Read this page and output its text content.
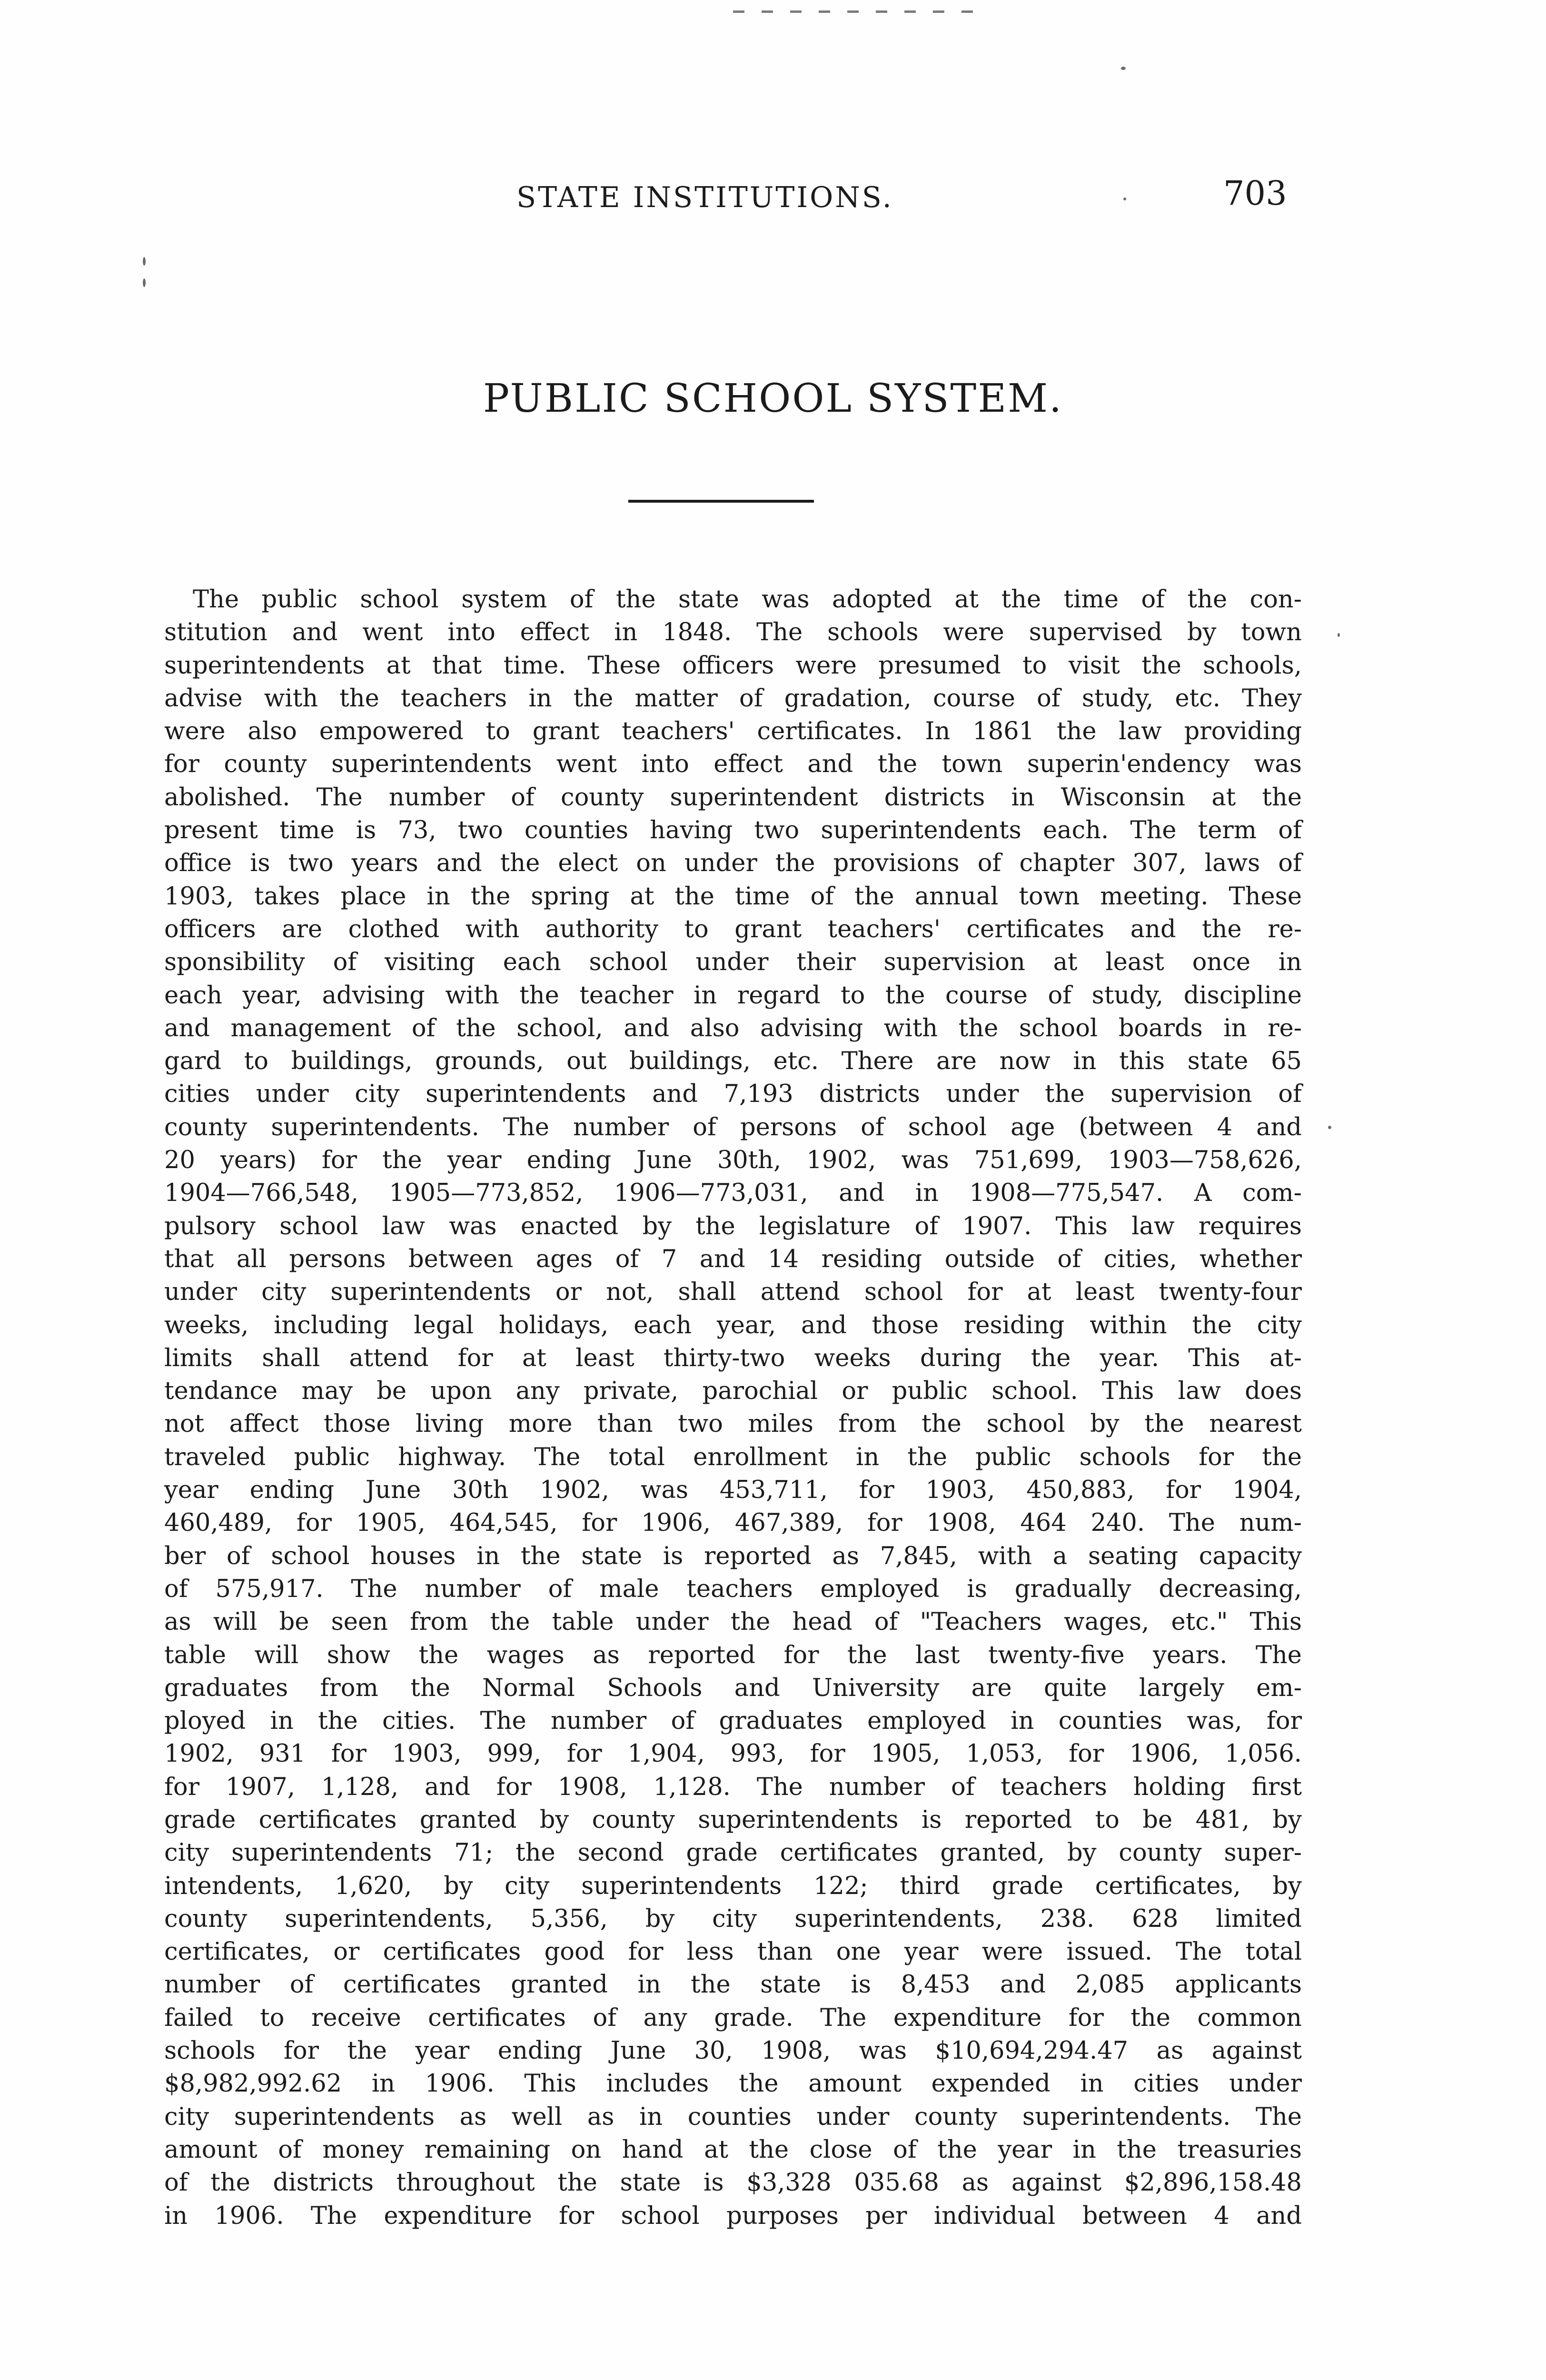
STATE INSTITUTIONS.	703
PUBLIC SCHOOL SYSTEM.
The public school system of the state was adopted at the time of the con-
stitution and went into effect in 1848. The schools were supervised by town
superintendents at that time. These officers were presumed to visit the schools,
advise with the teachers in the matter of gradation, course of study, etc. They
were also empowered to grant teachers' certificates. In 1861 the law providing
for county superintendents went into effect and the town superin'endency was
abolished. The number of county superintendent districts in Wisconsin at the
present time is 73, two counties having two superintendents each. The term of
office is two years and the elect on under the provisions of chapter 307, laws of
1903, takes place in the spring at the time of the annual town meeting. These
officers are clothed with authority to grant teachers' certificates and the re-
sponsibility of visiting each school under their supervision at least once in
each year, advising with the teacher in regard to the course of study, discipline
and management of the school, and also advising with the school boards in re-
gard to buildings, grounds, out buildings, etc. There are now in this state 65
cities under city superintendents and 7,193 districts under the supervision of
county superintendents. The number of persons of school age (between 4 and
20 years) for the year ending June 30th, 1902, was 751,699, 1903—758,626,
1904—766,548, 1905—773,852, 1906—773,031, and in 1908—775,547. A com-
pulsory school law was enacted by the legislature of 1907. This law requires
that all persons between ages of 7 and 14 residing outside of cities, whether
under city superintendents or not, shall attend school for at least twenty-four
weeks, including legal holidays, each year, and those residing within the city
limits shall attend for at least thirty-two weeks during the year. This at-
tendance may be upon any private, parochial or public school. This law does
not affect those living more than two miles from the school by the nearest
traveled public highway. The total enrollment in the public schools for the
year ending June 30th 1902, was 453,711, for 1903, 450,883, for 1904,
460,489, for 1905, 464,545, for 1906, 467,389, for 1908, 464 240. The num-
ber of school houses in the state is reported as 7,845, with a seating capacity
of 575,917. The number of male teachers employed is gradually decreasing,
as will be seen from the table under the head of "Teachers wages, etc." This
table will show the wages as reported for the last twenty-five years. The
graduates from the Normal Schools and University are quite largely em-
ployed in the cities. The number of graduates employed in counties was, for
1902, 931 for 1903, 999, for 1,904, 993, for 1905, 1,053, for 1906, 1,056.
for 1907, 1,128, and for 1908, 1,128. The number of teachers holding first
grade certificates granted by county superintendents is reported to be 481, by
city superintendents 71; the second grade certificates granted, by county super-
intendents, 1,620, by city superintendents 122; third grade certificates, by
county superintendents, 5,356, by city superintendents, 238. 628 limited
certificates, or certificates good for less than one year were issued. The total
number of certificates granted in the state is 8,453 and 2,085 applicants
failed to receive certificates of any grade. The expenditure for the common
schools for the year ending June 30, 1908, was $10,694,294.47 as against
$8,982,992.62 in 1906. This includes the amount expended in cities under
city superintendents as well as in counties under county superintendents. The
amount of money remaining on hand at the close of the year in the treasuries
of the districts throughout the state is $3,328 035.68 as against $2,896,158.48
in 1906. The expenditure for school purposes per individual between 4 and
